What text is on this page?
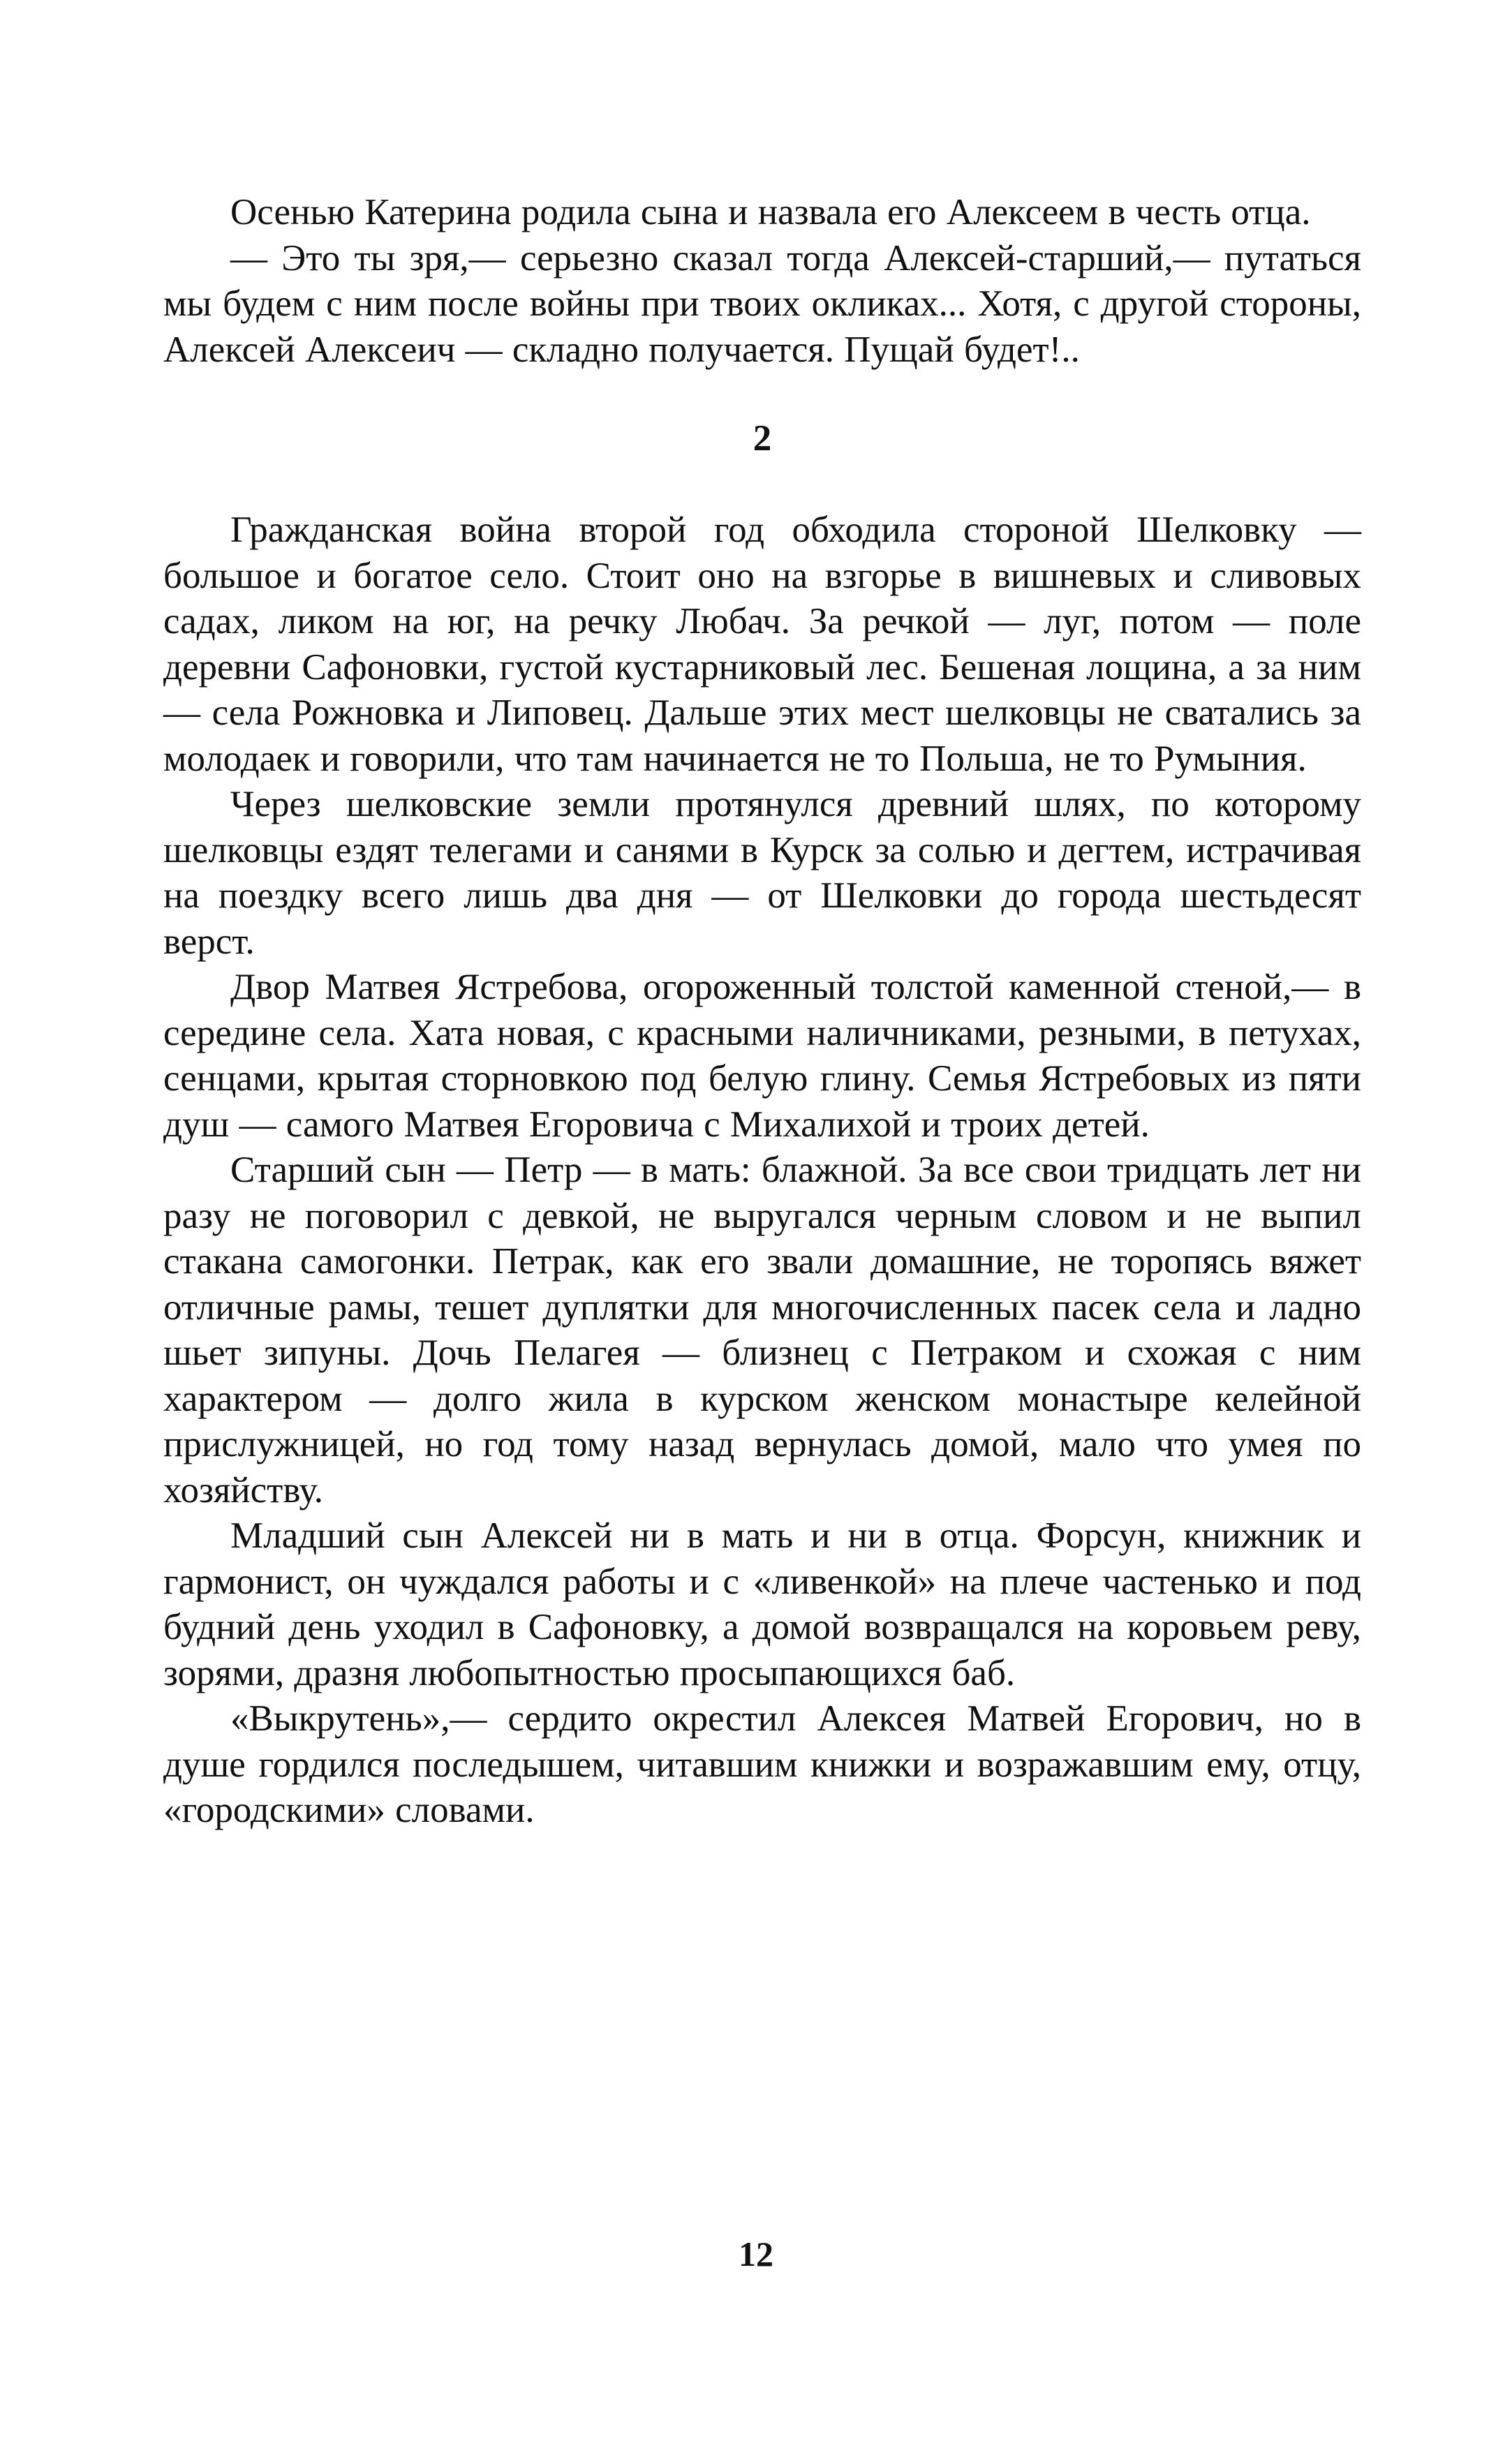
Осенью Катерина родила сына и назвала его Алексеем в честь отца.

— Это ты зря,— серьезно сказал тогда Алексей-старший,— путаться мы будем с ним после войны при твоих окликах... Хотя, с другой стороны, Алексей Алексеич — складно получается. Пущай будет!..

2

Гражданская война второй год обходила стороной Шелковку — большое и богатое село. Стоит оно на взгорье в вишневых и сливовых садах, ликом на юг, на речку Любач. За речкой — луг, потом — поле деревни Сафоновки, густой кустарниковый лес. Бешеная лощина, а за ним — села Рожновка и Липовец. Дальше этих мест шелковцы не сватались за молодаек и говорили, что там начинается не то Польша, не то Румыния.

Через шелковские земли протянулся древний шлях, по которому шелковцы ездят телегами и санями в Курск за солью и дегтем, истрачивая на поездку всего лишь два дня — от Шелковки до города шестьдесят верст.

Двор Матвея Ястребова, огороженный толстой каменной стеной,— в середине села. Хата новая, с красными наличниками, резными, в петухах, сенцами, крытая сторновкою под белую глину. Семья Ястребовых из пяти душ — самого Матвея Егоровича с Михалихой и троих детей.

Старший сын — Петр — в мать: блажной. За все свои тридцать лет ни разу не поговорил с девкой, не выругался черным словом и не выпил стакана самогонки. Петрак, как его звали домашние, не торопясь вяжет отличные рамы, тешет дуплятки для многочисленных пасек села и ладно шьет зипуны. Дочь Пелагея — близнец с Петраком и схожая с ним характером — долго жила в курском женском монастыре келейной прислужницей, но год тому назад вернулась домой, мало что умея по хозяйству.

Младший сын Алексей ни в мать и ни в отца. Форсун, книжник и гармонист, он чуждался работы и с «ливенкой» на плече частенько и под будний день уходил в Сафоновку, а домой возвращался на коровьем реву, зорями, дразня любопытностью просыпающихся баб.

«Выкрутень»,— сердито окрестил Алексея Матвей Егорович, но в душе гордился последышем, читавшим книжки и возражавшим ему, отцу, «городскими» словами.

12
